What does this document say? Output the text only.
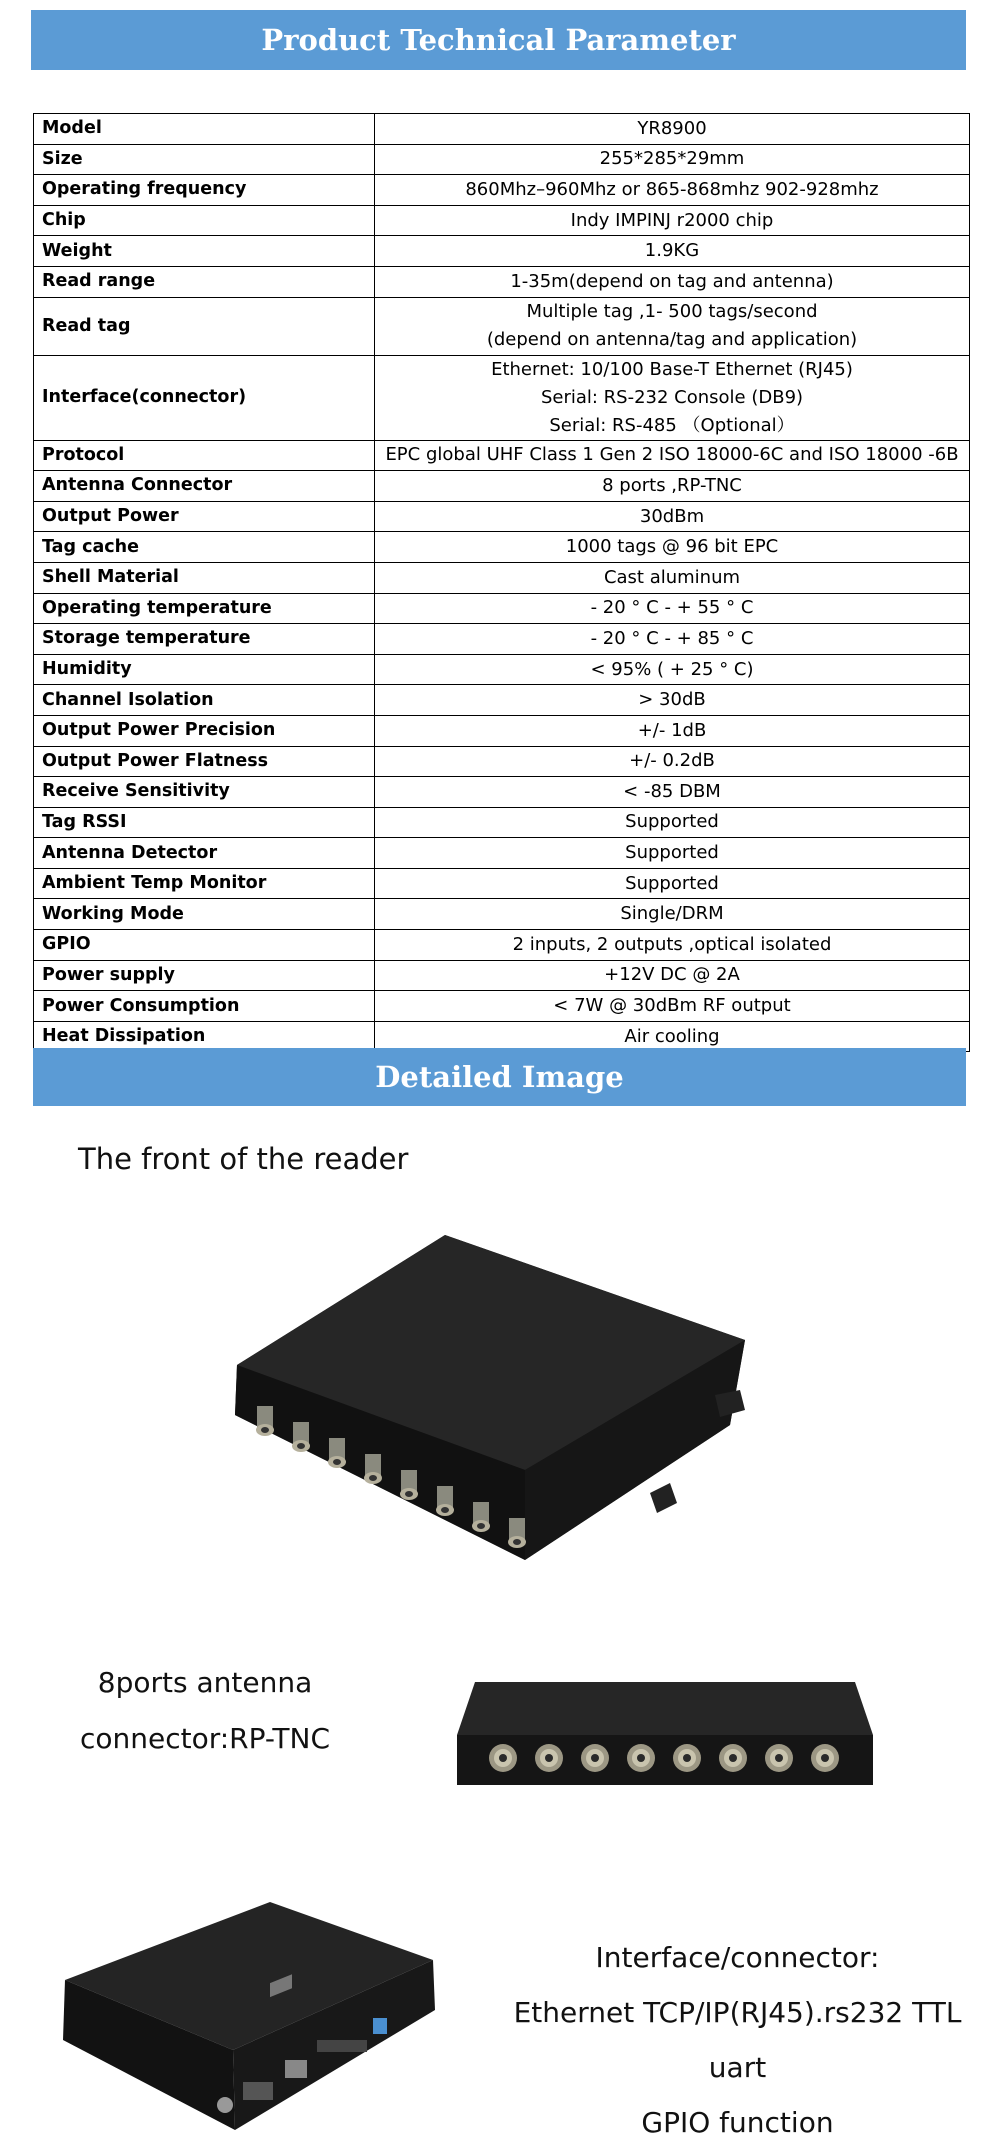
Product Technical Parameter
Model	YR8900

Size	255*285*29mm

Operating frequency	860Mhz–960Mhz or 865-868mhz 902-928mhz

Chip	Indy IMPINJ r2000 chip

Weight	1.9KG

Read range	1-35m(depend on tag and antenna)

Read tag	Multiple tag ,1- 500 tags/second
(depend on antenna/tag and application)

Interface(connector)	Ethernet: 10/100 Base-T Ethernet (RJ45)
Serial: RS-232 Console (DB9)
Serial: RS-485 （Optional）

Protocol	EPC global UHF Class 1 Gen 2 ISO 18000-6C and ISO 18000 -6B

Antenna Connector	8 ports ,RP-TNC

Output Power	30dBm

Tag cache	1000 tags @ 96 bit EPC

Shell Material	Cast aluminum

Operating temperature	- 20 ° C - + 55 ° C

Storage temperature	- 20 ° C - + 85 ° C

Humidity	< 95% ( + 25 ° C)

Channel Isolation	> 30dB

Output Power Precision	+/- 1dB

Output Power Flatness	+/- 0.2dB

Receive Sensitivity	< -85 DBM

Tag RSSI	Supported

Antenna Detector	Supported

Ambient Temp Monitor	Supported

Working Mode	Single/DRM

GPIO	2 inputs, 2 outputs ,optical isolated

Power supply	+12V DC @ 2A

Power Consumption	< 7W @ 30dBm RF output

Heat Dissipation	Air cooling
Detailed Image
The front of the reader
8ports antenna
connector:RP-TNC
Interface/connector:
Ethernet TCP/IP(RJ45).rs232 TTL uart
GPIO function
